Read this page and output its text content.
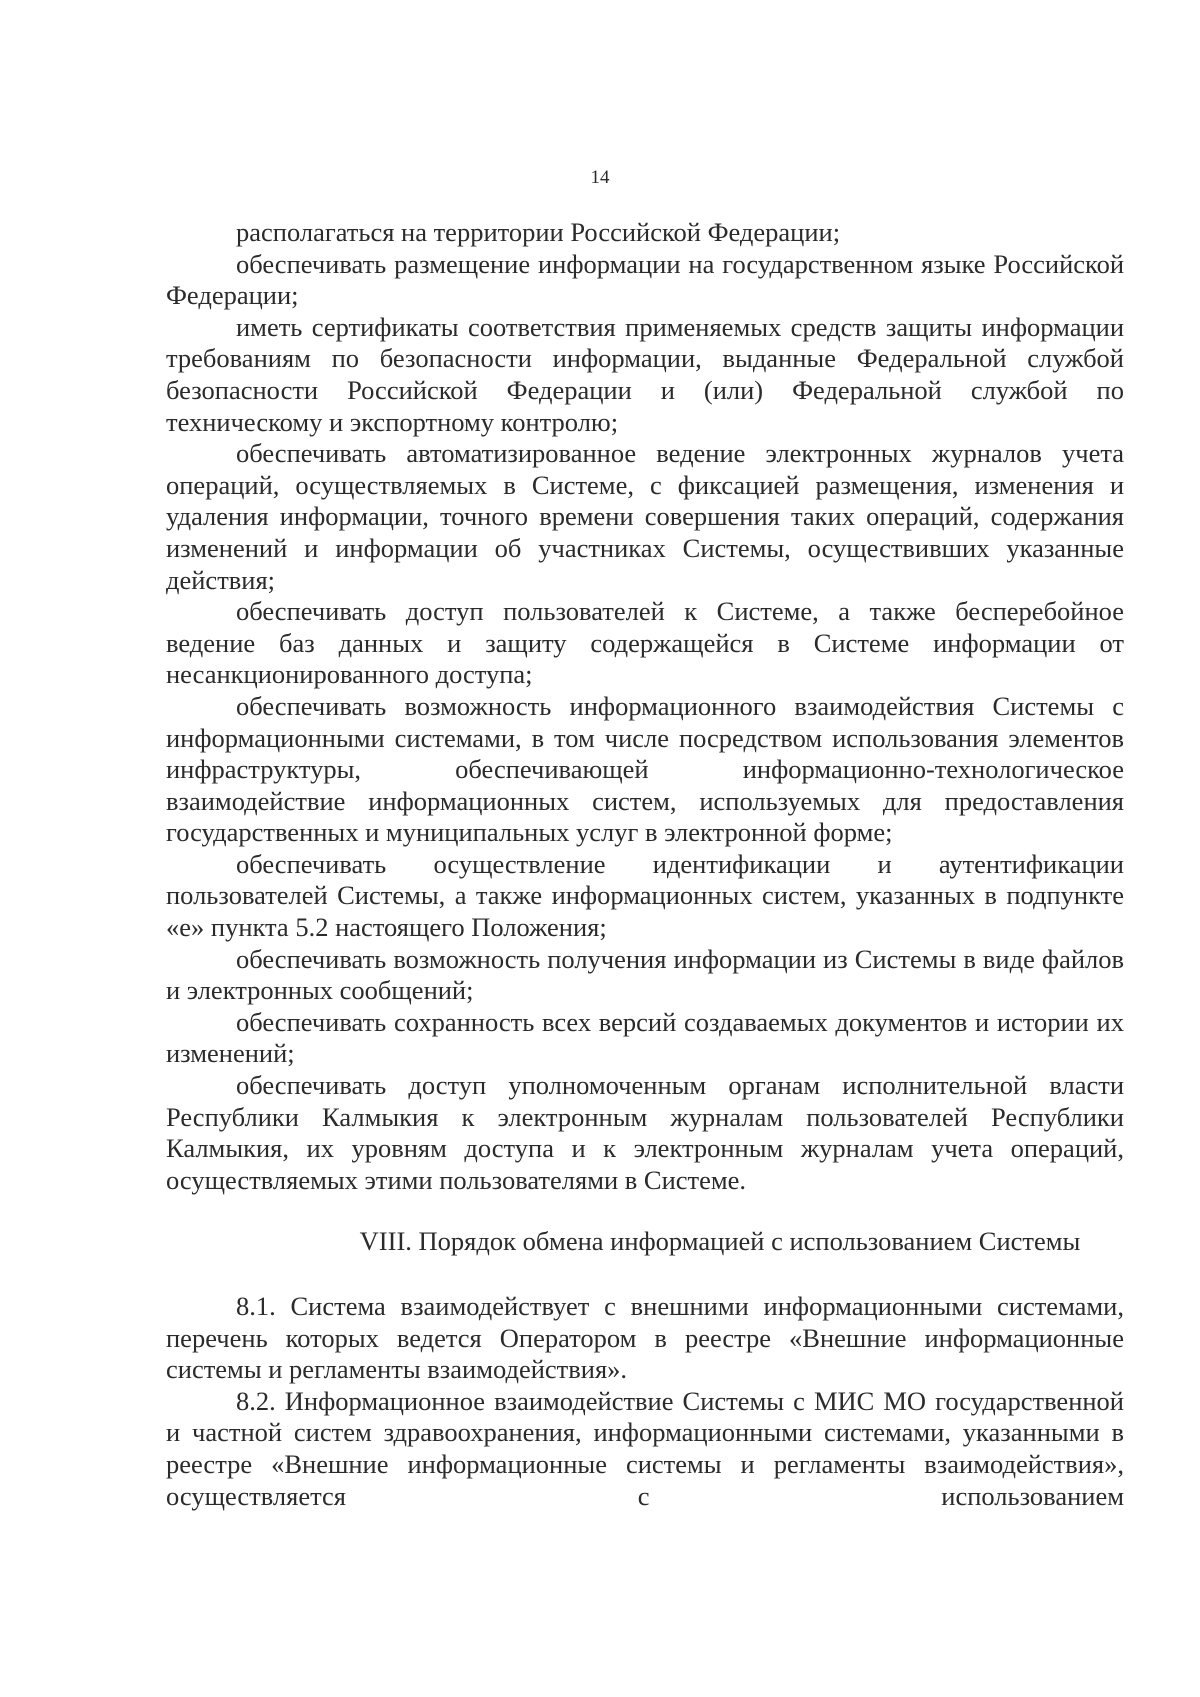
14

располагаться на территории Российской Федерации;

обеспечивать размещение информации на государственном языке Российской Федерации;

иметь сертификаты соответствия применяемых средств защиты информации требованиям по безопасности информации, выданные Федеральной службой безопасности Российской Федерации и (или) Федеральной службой по техническому и экспортному контролю;

обеспечивать автоматизированное ведение электронных журналов учета операций, осуществляемых в Системе, с фиксацией размещения, изменения и удаления информации, точного времени совершения таких операций, содержания изменений и информации об участниках Системы, осуществивших указанные действия;

обеспечивать доступ пользователей к Системе, а также бесперебойное ведение баз данных и защиту содержащейся в Системе информации от несанкционированного доступа;

обеспечивать возможность информационного взаимодействия Системы с информационными системами, в том числе посредством использования элементов инфраструктуры, обеспечивающей информационно-технологическое взаимодействие информационных систем, используемых для предоставления государственных и муниципальных услуг в электронной форме;

обеспечивать осуществление идентификации и аутентификации пользователей Системы, а также информационных систем, указанных в подпункте «е» пункта 5.2 настоящего Положения;

обеспечивать возможность получения информации из Системы в виде файлов и электронных сообщений;

обеспечивать сохранность всех версий создаваемых документов и истории их изменений;

обеспечивать доступ уполномоченным органам исполнительной власти Республики Калмыкия к электронным журналам пользователей Республики Калмыкия, их уровням доступа и к электронным журналам учета операций, осуществляемых этими пользователями в Системе.

VIII. Порядок обмена информацией с использованием Системы

8.1. Система взаимодействует с внешними информационными системами, перечень которых ведется Оператором в реестре «Внешние информационные системы и регламенты взаимодействия».

8.2. Информационное взаимодействие Системы с МИС МО государственной и частной систем здравоохранения, информационными системами, указанными в реестре «Внешние информационные системы и регламенты взаимодействия», осуществляется с использованием
